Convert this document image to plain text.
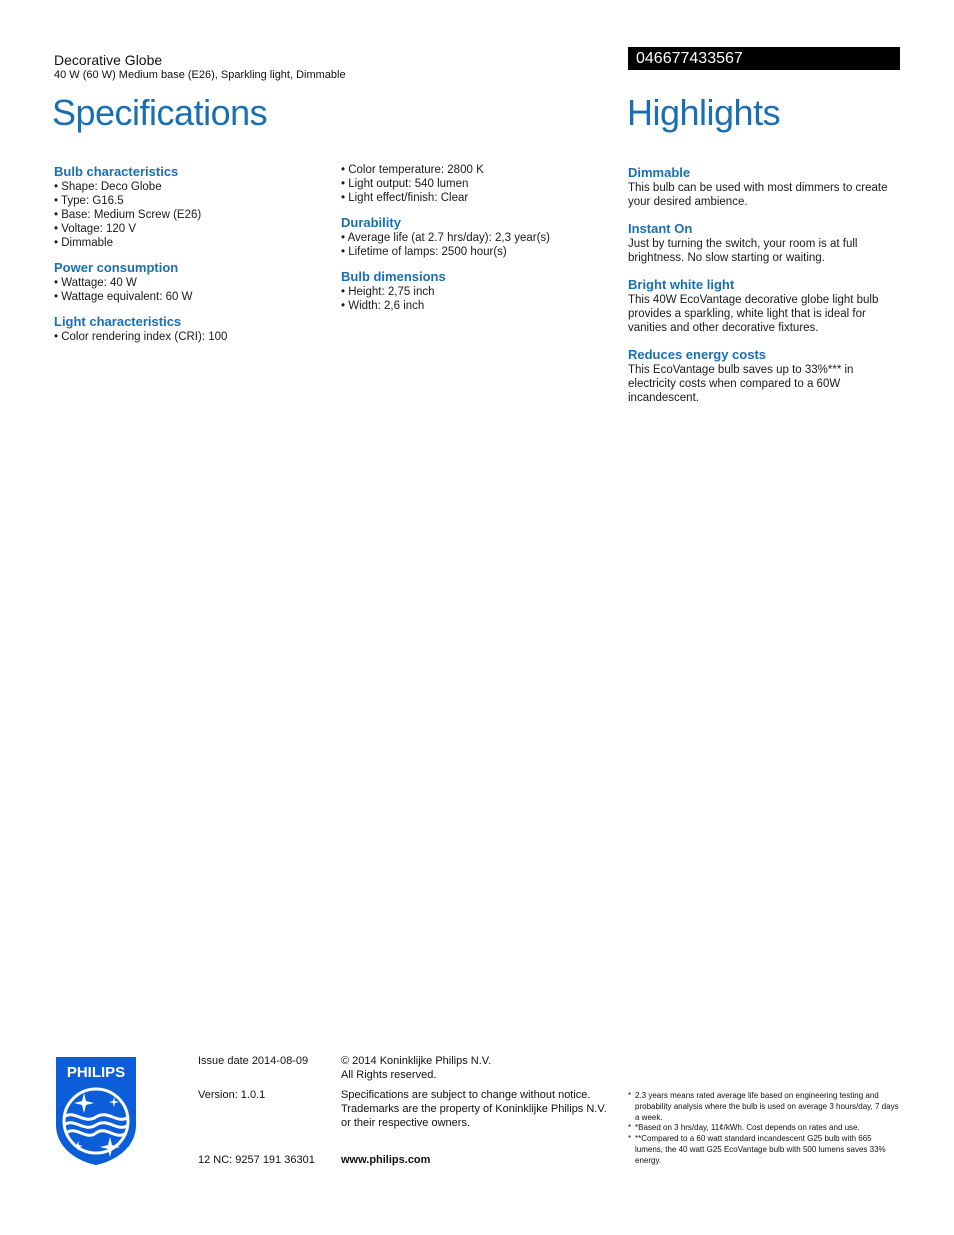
Decorative Globe
40 W (60 W) Medium base (E26), Sparkling light, Dimmable
046677433567
Specifications	Highlights
Bulb characteristics
• Shape: Deco Globe
• Type: G16.5
• Base: Medium Screw (E26)
• Voltage: 120 V
• Dimmable
Power consumption
• Wattage: 40 W
• Wattage equivalent: 60 W
Light characteristics
• Color rendering index (CRI): 100
• Color temperature: 2800 K
• Light output: 540 lumen
• Light effect/finish: Clear
Durability
• Average life (at 2.7 hrs/day): 2,3 year(s)
• Lifetime of lamps: 2500 hour(s)
Bulb dimensions
• Height: 2,75 inch
• Width: 2,6 inch
Dimmable
This bulb can be used with most dimmers to create your desired ambience.
Instant On
Just by turning the switch, your room is at full brightness. No slow starting or waiting.
Bright white light
This 40W EcoVantage decorative globe light bulb provides a sparkling, white light that is ideal for vanities and other decorative fixtures.
Reduces energy costs
This EcoVantage bulb saves up to 33%*** in electricity costs when compared to a 60W incandescent.
PHILIPS
Issue date 2014-08-09
Version: 1.0.1
12 NC: 9257 191 36301
© 2014 Koninklijke Philips N.V.
All Rights reserved.
Specifications are subject to change without notice.
Trademarks are the property of Koninklijke Philips N.V.
or their respective owners.
www.philips.com
* 2.3 years means rated average life based on engineering testing and probability analysis where the bulb is used on average 3 hours/day, 7 days a week.
* *Based on 3 hrs/day, 11¢/kWh. Cost depends on rates and use.
* **Compared to a 60 watt standard incandescent G25 bulb with 665 lumens, the 40 watt G25 EcoVantage bulb with 500 lumens saves 33% energy.
